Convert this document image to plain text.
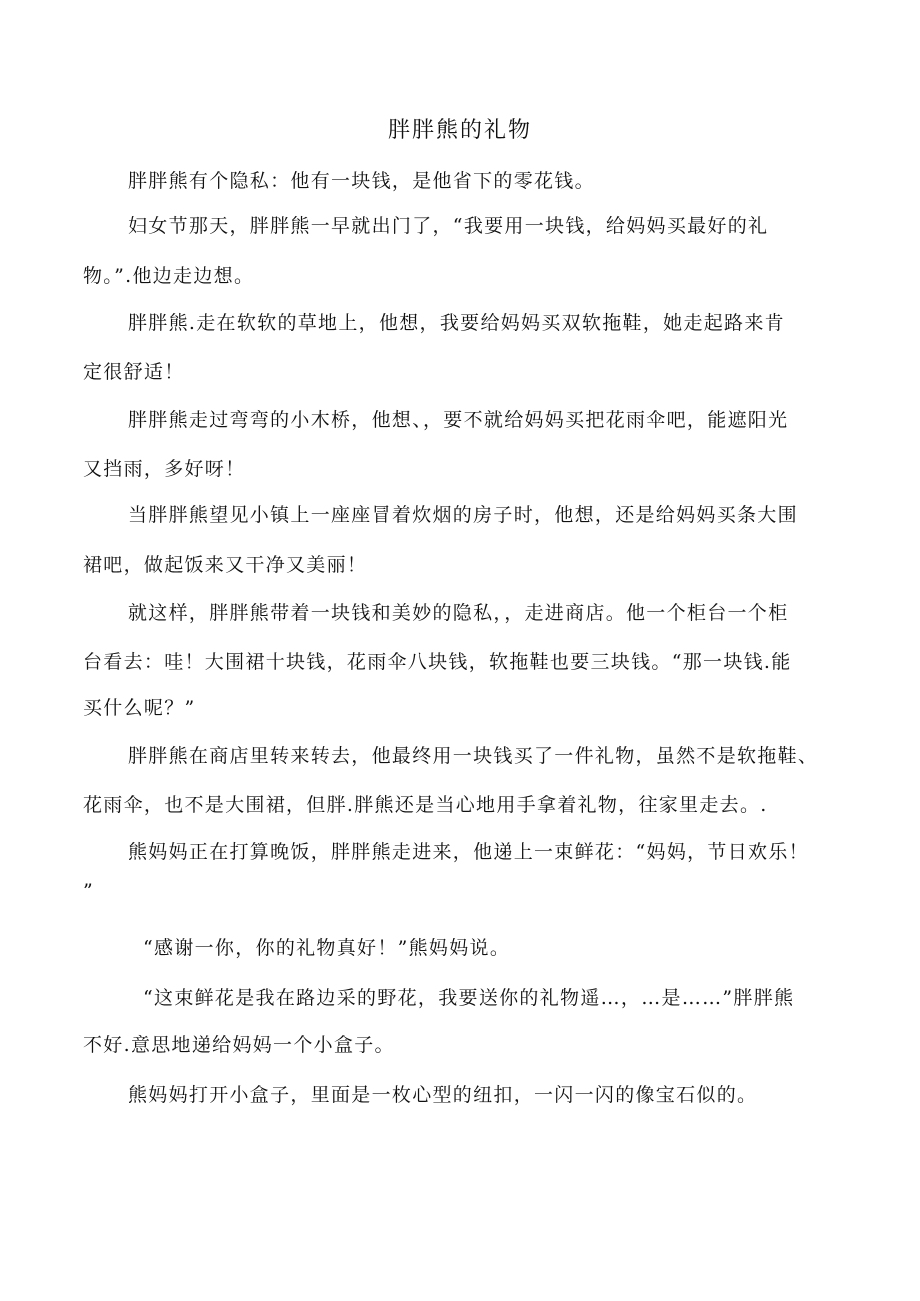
胖胖熊的礼物
胖胖熊有个隐私：他有一块钱，是他省下的零花钱。
妇女节那天，胖胖熊一早就出门了，“我要用一块钱，给妈妈买最好的礼
物。”.他边走边想。
胖胖熊.走在软软的草地上，他想，我要给妈妈买双软拖鞋，她走起路来肯
定很舒适！
胖胖熊走过弯弯的小木桥，他想、，要不就给妈妈买把花雨伞吧，能遮阳光
又挡雨，多好呀！
当胖胖熊望见小镇上一座座冒着炊烟的房子时，他想，还是给妈妈买条大围
裙吧，做起饭来又干净又美丽！
就这样，胖胖熊带着一块钱和美妙的隐私，，走进商店。他一个柜台一个柜
台看去：哇！大围裙十块钱，花雨伞八块钱，软拖鞋也要三块钱。“那一块钱.能
买什么呢？”
胖胖熊在商店里转来转去，他最终用一块钱买了一件礼物，虽然不是软拖鞋、
花雨伞，也不是大围裙，但胖.胖熊还是当心地用手拿着礼物，往家里走去。.
熊妈妈正在打算晚饭，胖胖熊走进来，他递上一束鲜花：“妈妈，节日欢乐！
”
“感谢一你，你的礼物真好！”熊妈妈说。
“这束鲜花是我在路边采的野花，我要送你的礼物遥…，…是……”胖胖熊
不好.意思地递给妈妈一个小盒子。
熊妈妈打开小盒子，里面是一枚心型的纽扣，一闪一闪的像宝石似的。
